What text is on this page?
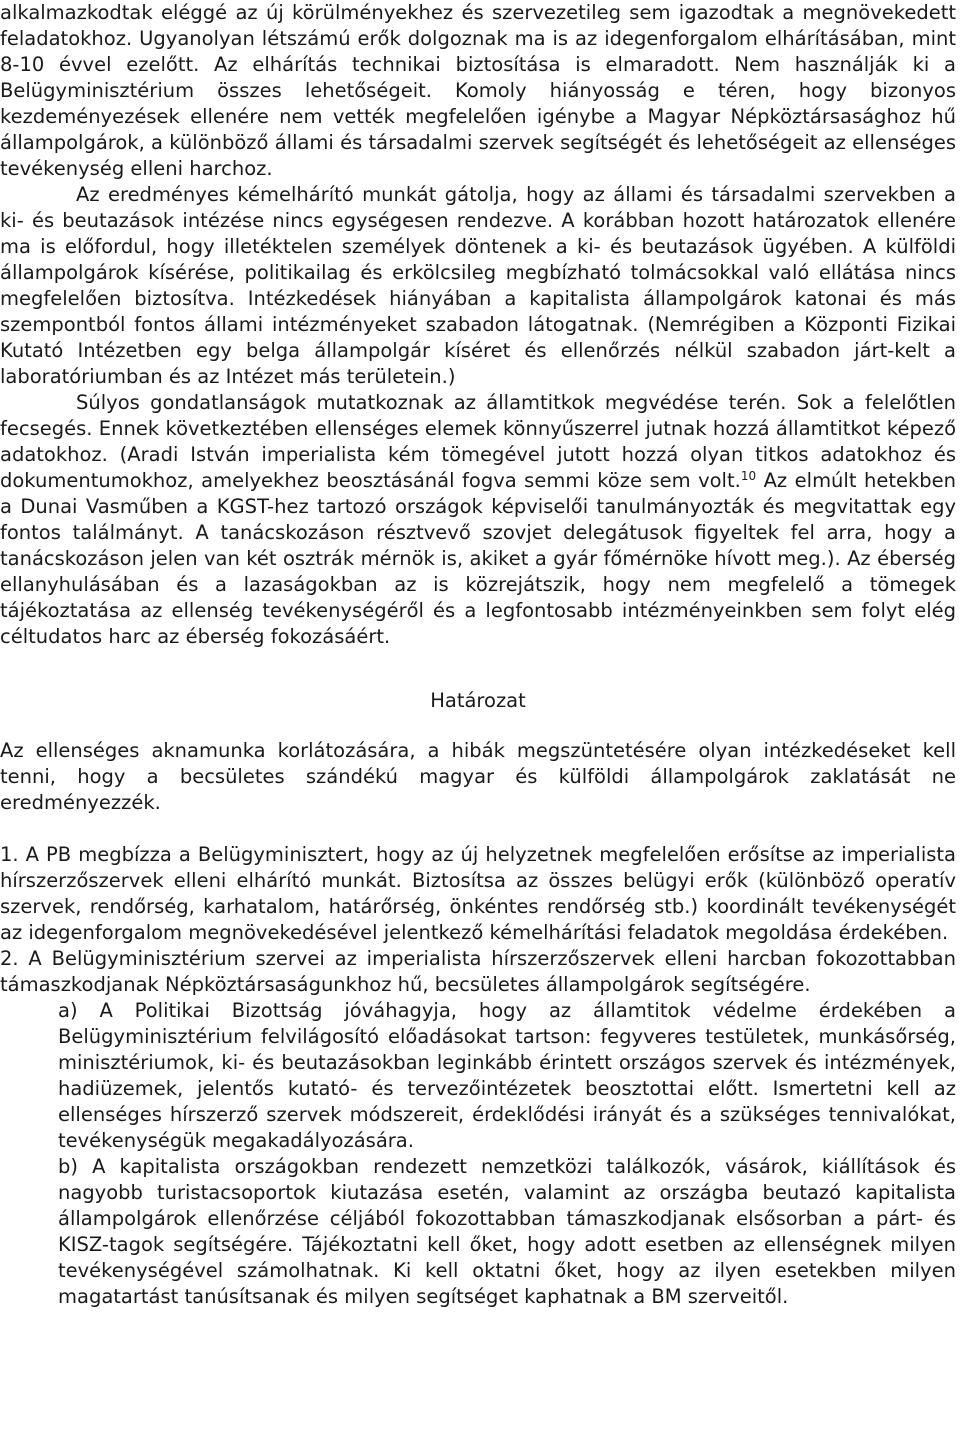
alkalmazkodtak eléggé az új körülményekhez és szervezetileg sem igazodtak a megnövekedett feladatokhoz. Ugyanolyan létszámú erők dolgoznak ma is az idegenforgalom elhárításában, mint 8-10 évvel ezelőtt. Az elhárítás technikai biztosítása is elmaradott. Nem használják ki a Belügyminisztérium összes lehetőségeit. Komoly hiányosság e téren, hogy bizonyos kezdeményezések ellenére nem vették megfelelően igénybe a Magyar Népköztársasághoz hű állampolgárok, a különböző állami és társadalmi szervek segítségét és lehetőségeit az ellenséges tevékenység elleni harchoz.

Az eredményes kémelhárító munkát gátolja, hogy az állami és társadalmi szervekben a ki- és beutazások intézése nincs egységesen rendezve. A korábban hozott határozatok ellenére ma is előfordul, hogy illetéktelen személyek döntenek a ki- és beutazások ügyében. A külföldi állampolgárok kísérése, politikailag és erkölcsileg megbízható tolmácsokkal való ellátása nincs megfelelően biztosítva. Intézkedések hiányában a kapitalista állampolgárok katonai és más szempontból fontos állami intézményeket szabadon látogatnak. (Nemrégiben a Központi Fizikai Kutató Intézetben egy belga állampolgár kíséret és ellenőrzés nélkül szabadon járt-kelt a laboratóriumban és az Intézet más területein.)

Súlyos gondatlanságok mutatkoznak az államtitkok megvédése terén. Sok a felelőtlen fecsegés. Ennek következtében ellenséges elemek könnyűszerrel jutnak hozzá államtitkot képező adatokhoz. (Aradi István imperialista kém tömegével jutott hozzá olyan titkos adatokhoz és dokumentumokhoz, amelyekhez beosztásánál fogva semmi köze sem volt.$^{10}$ Az elmúlt hetekben a Dunai Vasműben a KGST-hez tartozó országok képviselői tanulmányozták és megvitattak egy fontos találmányt. A tanácskozáson résztvevő szovjet delegátusok figyeltek fel arra, hogy a tanácskozáson jelen van két osztrák mérnök is, akiket a gyár főmérnöke hívott meg.). Az éberség ellanyhulásában és a lazaságokban az is közrejátszik, hogy nem megfelelő a tömegek tájékoztatása az ellenség tevékenységéről és a legfontosabb intézményeinkben sem folyt elég céltudatos harc az éberség fokozásáért.

Határozat

Az ellenséges aknamunka korlátozására, a hibák megszüntetésére olyan intézkedéseket kell tenni, hogy a becsületes szándékú magyar és külföldi állampolgárok zaklatását ne eredményezzék.

1. A PB megbízza a Belügyminisztert, hogy az új helyzetnek megfelelően erősítse az imperialista hírszerzőszervek elleni elhárító munkát. Biztosítsa az összes belügyi erők (különböző operatív szervek, rendőrség, karhatalom, határőrség, önkéntes rendőrség stb.) koordinált tevékenységét az idegenforgalom megnövekedésével jelentkező kémelhárítási feladatok megoldása érdekében.

2. A Belügyminisztérium szervei az imperialista hírszerzőszervek elleni harcban fokozottabban támaszkodjanak Népköztársaságunkhoz hű, becsületes állampolgárok segítségére.

a) A Politikai Bizottság jóváhagyja, hogy az államtitok védelme érdekében a Belügyminisztérium felvilágosító előadásokat tartson: fegyveres testületek, munkásőrség, minisztériumok, ki- és beutazásokban leginkább érintett országos szervek és intézmények, hadiüzemek, jelentős kutató- és tervezőintézetek beosztottai előtt. Ismertetni kell az ellenséges hírszerző szervek módszereit, érdeklődési irányát és a szükséges tennivalókat, tevékenységük megakadályozására.

b) A kapitalista országokban rendezett nemzetközi találkozók, vásárok, kiállítások és nagyobb turistacsoportok kiutazása esetén, valamint az országba beutazó kapitalista állampolgárok ellenőrzése céljából fokozottabban támaszkodjanak elsősorban a párt- és KISZ-tagok segítségére. Tájékoztatni kell őket, hogy adott esetben az ellenségnek milyen tevékenységével számolhatnak. Ki kell oktatni őket, hogy az ilyen esetekben milyen magatartást tanúsítsanak és milyen segítséget kaphatnak a BM szerveitől.
